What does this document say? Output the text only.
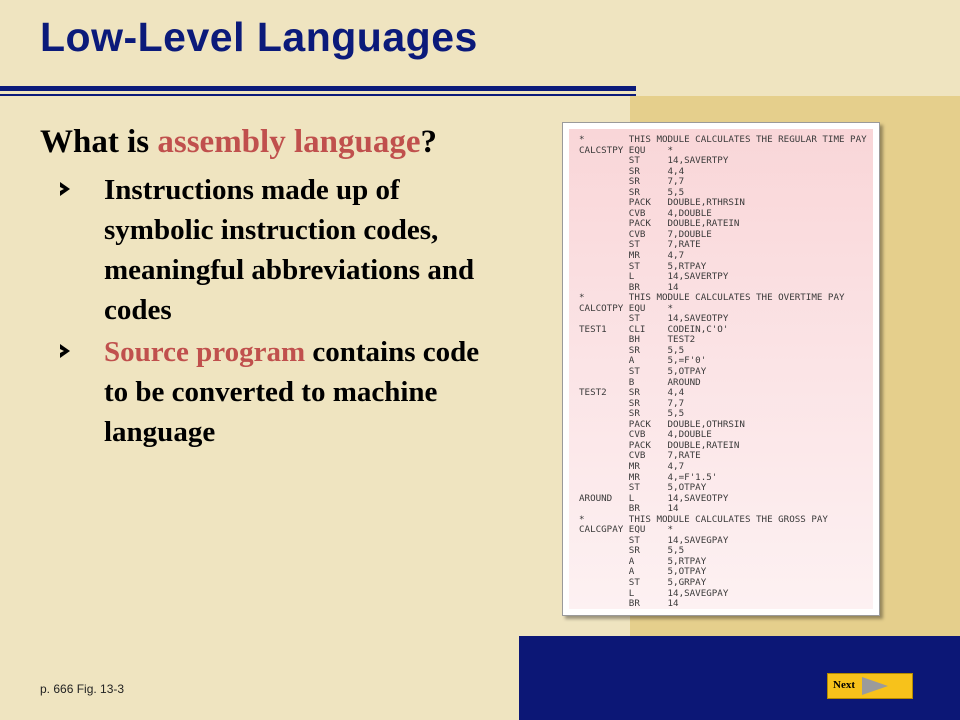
Low-Level Languages
What is assembly language?
Instructions made up of symbolic instruction codes, meaningful abbreviations and codes
Source program contains code to be converted to machine language
*        THIS MODULE CALCULATES THE REGULAR TIME PAY
CALCSTPY EQU    *
ST     14,SAVERTPY
SR     4,4
SR     7,7
SR     5,5
PACK   DOUBLE,RTHRSIN
CVB    4,DOUBLE
PACK   DOUBLE,RATEIN
CVB    7,DOUBLE
ST     7,RATE
MR     4,7
ST     5,RTPAY
L      14,SAVERTPY
BR     14
*        THIS MODULE CALCULATES THE OVERTIME PAY
CALCOTPY EQU    *
ST     14,SAVEOTPY
TEST1    CLI    CODEIN,C'O'
BH     TEST2
SR     5,5
A      5,=F'0'
ST     5,OTPAY
B      AROUND
TEST2    SR     4,4
SR     7,7
SR     5,5
PACK   DOUBLE,OTHRSIN
CVB    4,DOUBLE
PACK   DOUBLE,RATEIN
CVB    7,RATE
MR     4,7
MR     4,=F'1.5'
ST     5,OTPAY
AROUND   L      14,SAVEOTPY
BR     14
*        THIS MODULE CALCULATES THE GROSS PAY
CALCGPAY EQU    *
ST     14,SAVEGPAY
SR     5,5
A      5,RTPAY
A      5,OTPAY
ST     5,GRPAY
L      14,SAVEGPAY
BR     14
Next
p. 666 Fig. 13-3
